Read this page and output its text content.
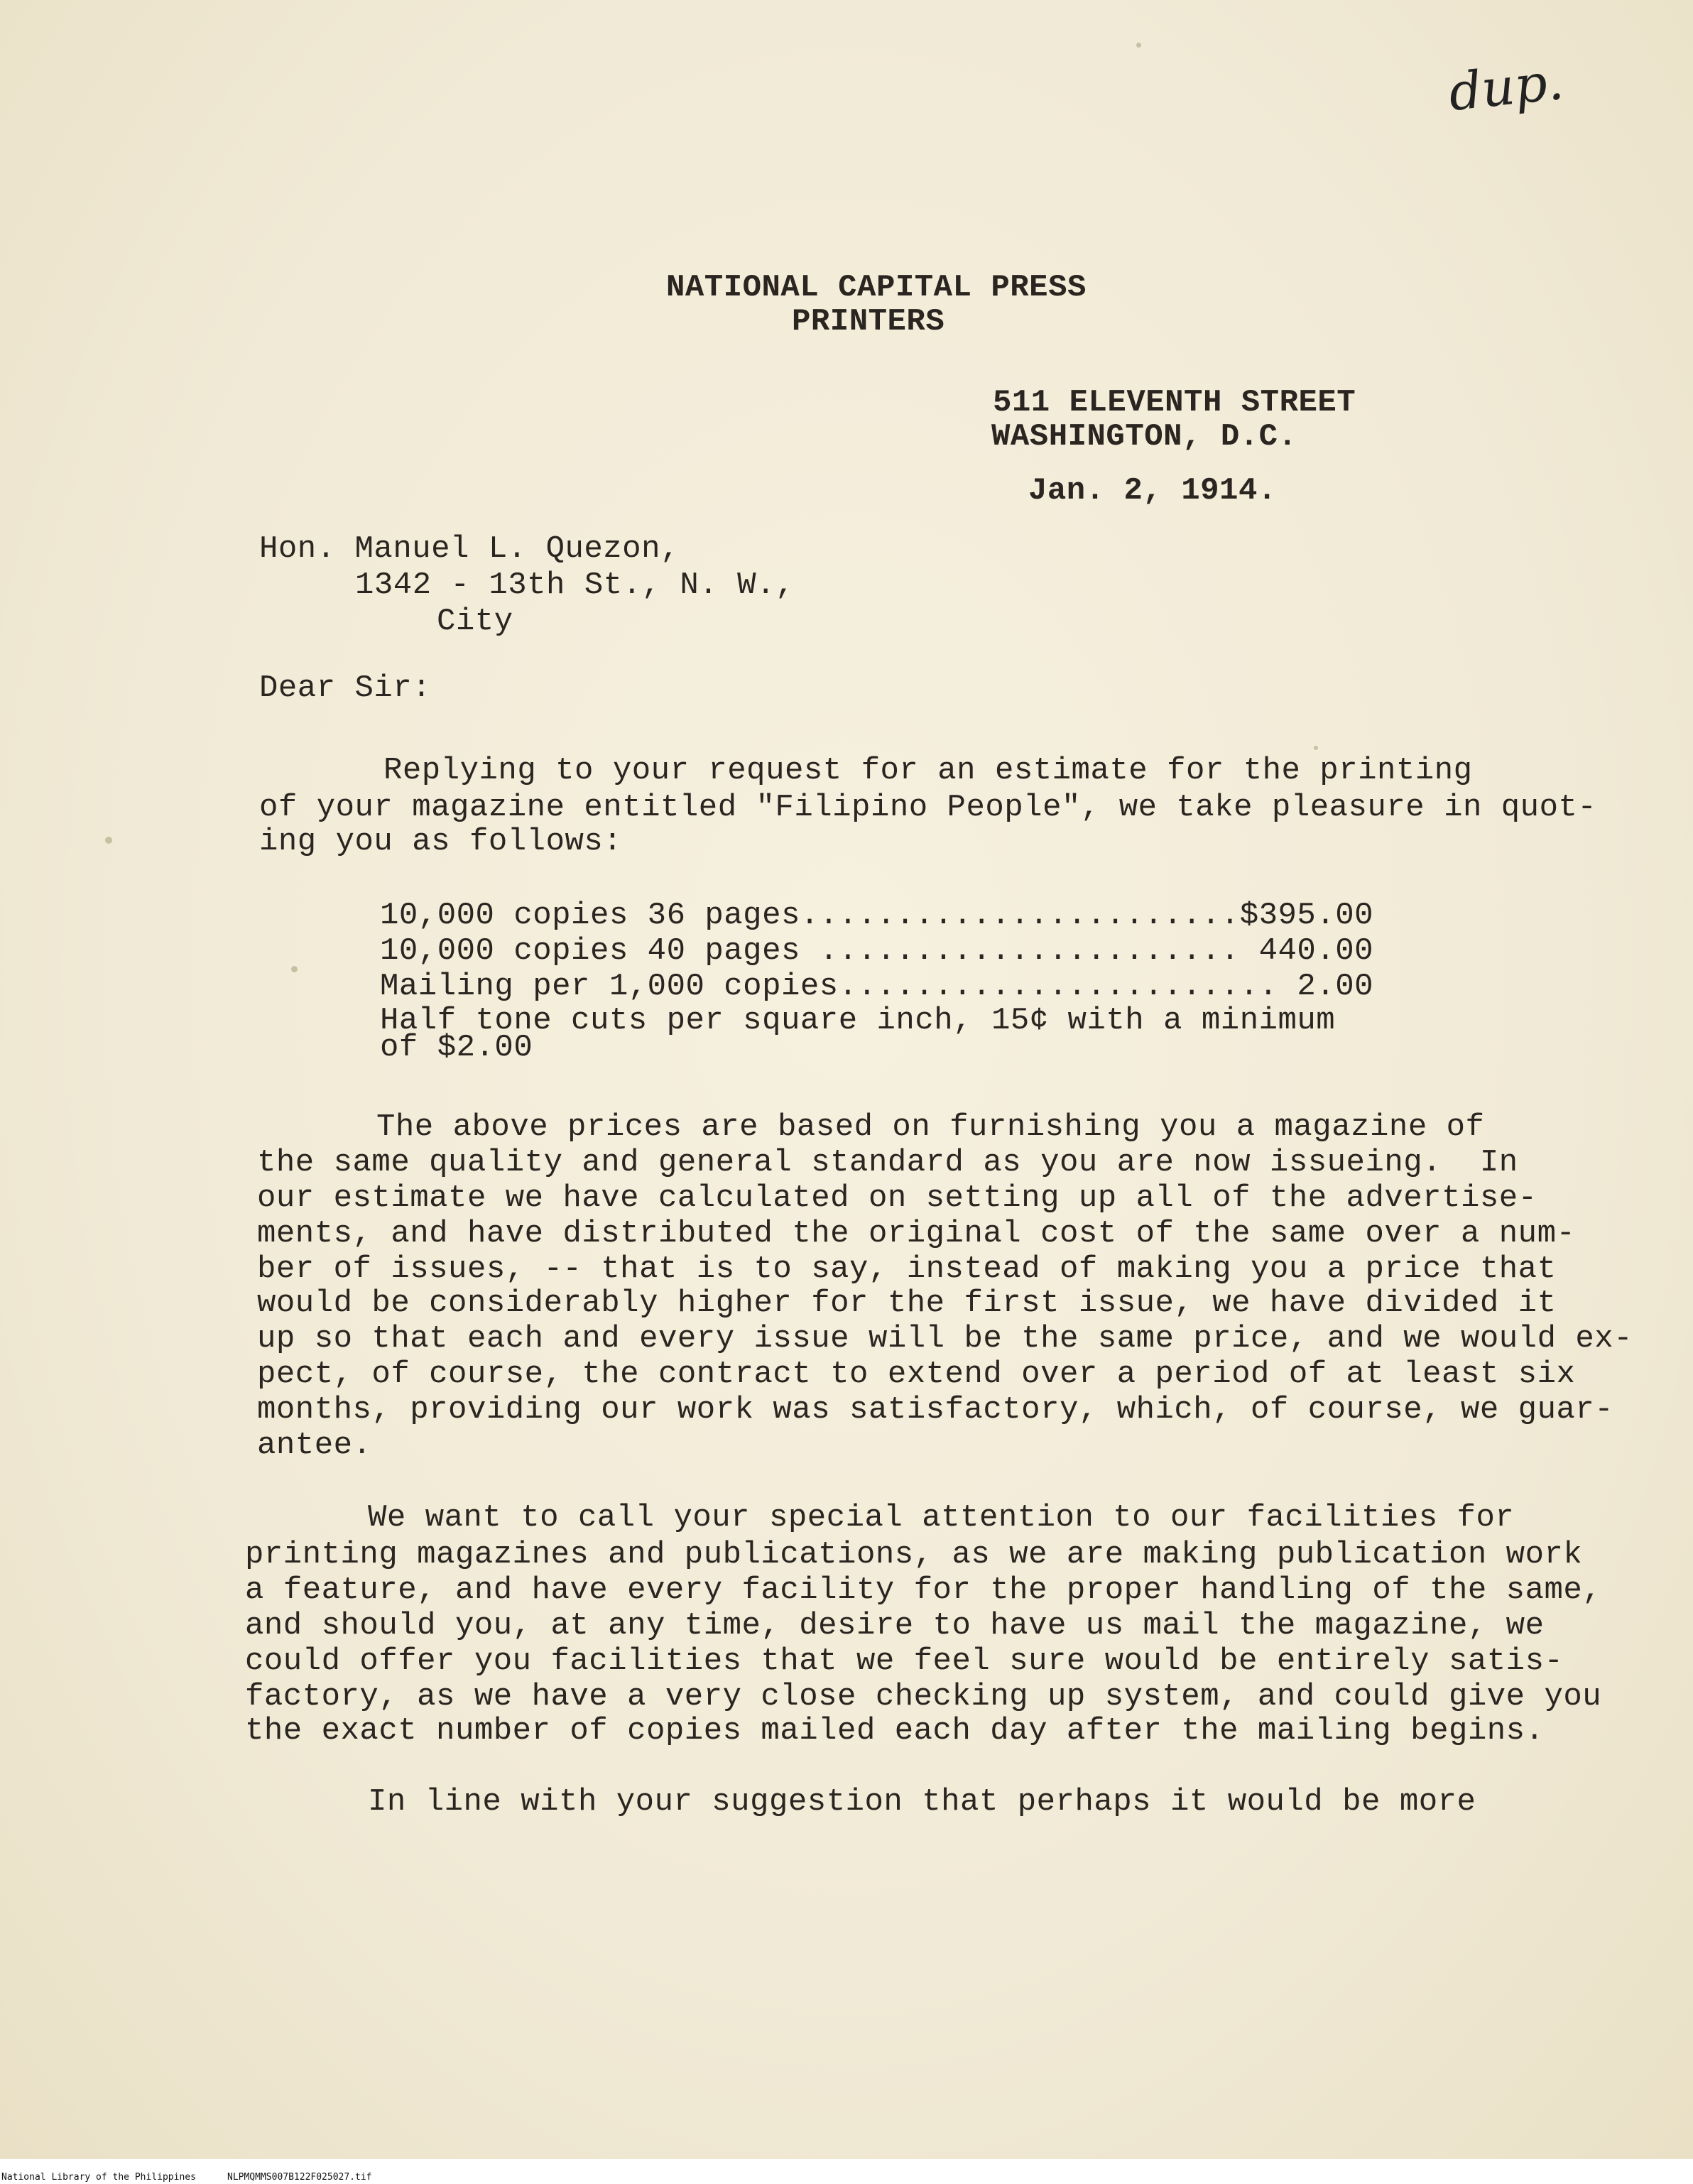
dup.
NATIONAL CAPITAL PRESS
PRINTERS
511 ELEVENTH STREET
WASHINGTON, D.C.
Jan. 2, 1914.
Hon. Manuel L. Quezon,
1342 - 13th St., N. W.,
City
Dear Sir:
Replying to your request for an estimate for the printing
of your magazine entitled "Filipino People", we take pleasure in quot-
ing you as follows:
10,000 copies 36 pages.......................$395.00
10,000 copies 40 pages ...................... 440.00
Mailing per 1,000 copies....................... 2.00
Half tone cuts per square inch, 15¢ with a minimum
of $2.00
The above prices are based on furnishing you a magazine of
the same quality and general standard as you are now issueing.  In
our estimate we have calculated on setting up all of the advertise-
ments, and have distributed the original cost of the same over a num-
ber of issues, -- that is to say, instead of making you a price that
would be considerably higher for the first issue, we have divided it
up so that each and every issue will be the same price, and we would ex-
pect, of course, the contract to extend over a period of at least six
months, providing our work was satisfactory, which, of course, we guar-
antee.
We want to call your special attention to our facilities for
printing magazines and publications, as we are making publication work
a feature, and have every facility for the proper handling of the same,
and should you, at any time, desire to have us mail the magazine, we
could offer you facilities that we feel sure would be entirely satis-
factory, as we have a very close checking up system, and could give you
the exact number of copies mailed each day after the mailing begins.
In line with your suggestion that perhaps it would be more
National Library of the Philippines	NLPMQMMS007B122F025027.tif
